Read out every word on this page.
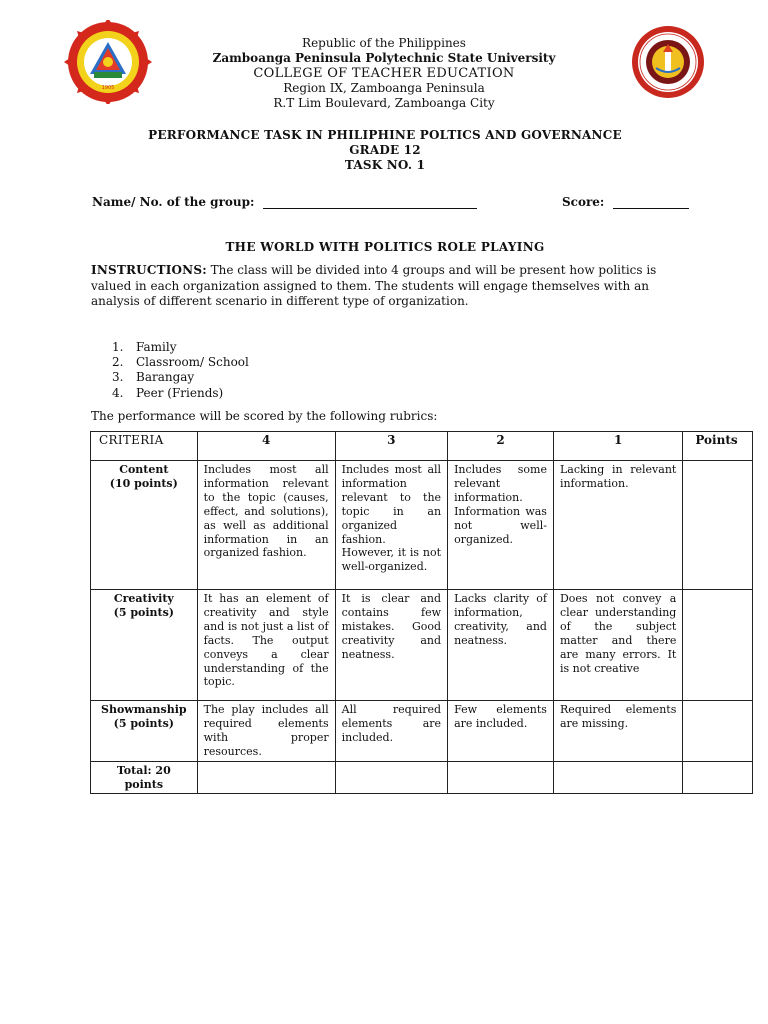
1905
Republic of the Philippines
Zamboanga Peninsula Polytechnic State University
COLLEGE OF TEACHER EDUCATION
Region IX, Zamboanga Peninsula
R.T Lim Boulevard, Zamboanga City
PERFORMANCE TASK IN PHILIPHINE POLTICS AND GOVERNANCE
GRADE 12
TASK NO. 1
Name/ No. of the group:	Score:
THE WORLD WITH POLITICS ROLE PLAYING
INSTRUCTIONS: The class will be divided into 4 groups and will be present how politics is valued in each organization assigned to them. The students will engage themselves with an analysis of different scenario in different type of organization.
1.	Family
2.	Classroom/ School
3.	Barangay
4.	Peer (Friends)
The performance will be scored by the following rubrics:
CRITERIA	4	3	2	1	Points
Content
(10 points)	Includes most all information relevant to the topic (causes, effect, and solutions), as well as additional information in an organized fashion.	Includes most all information relevant to the topic in an organized fashion. However, it is not well-organized.	Includes some relevant information. Information was not well-organized.	Lacking in relevant information.	
Creativity
(5 points)	It has an element of creativity and style and is not just a list of facts. The output conveys a clear understanding of the topic.	It is clear and contains few mistakes. Good creativity and neatness.	Lacks clarity of information, creativity, and neatness.	Does not convey a clear understanding of the subject matter and there are many errors. It is not creative	
Showmanship
(5 points)	The play includes all required elements with proper resources.	All required elements are included.	Few elements are included.	Required elements are missing.	
Total: 20
points					
